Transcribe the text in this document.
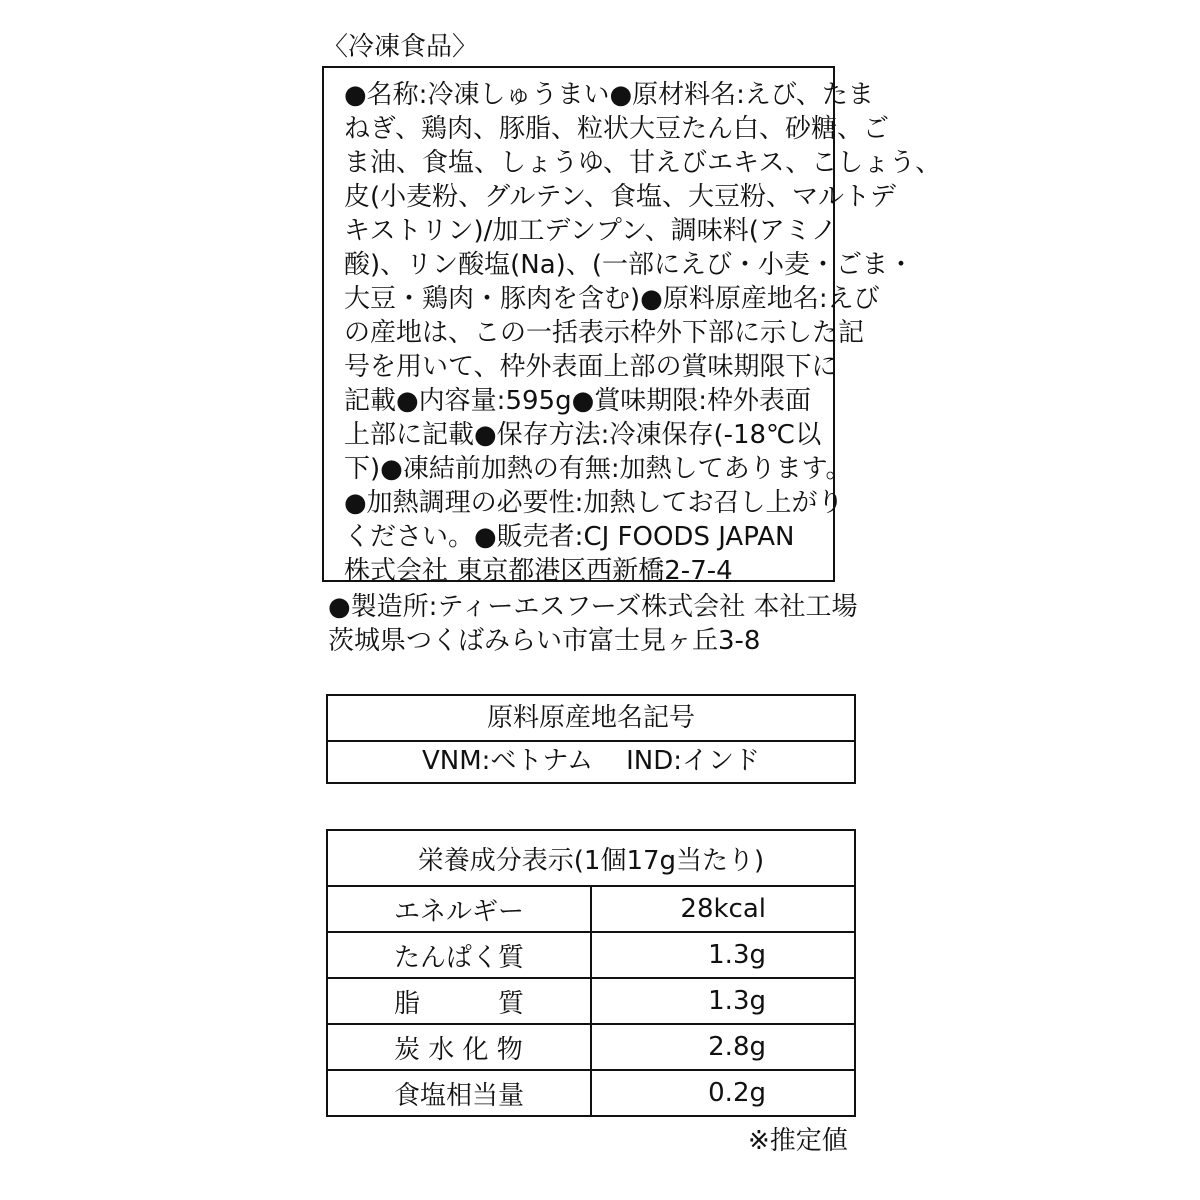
〈冷凍食品〉
●名称:冷凍しゅうまい●原材料名:えび、たま
ねぎ、鶏肉、豚脂、粒状大豆たん白、砂糖、ご
ま油、食塩、しょうゆ、甘えびエキス、こしょう、
皮(小麦粉、グルテン、食塩、大豆粉、マルトデ
キストリン)/加工デンプン、調味料(アミノ
酸)、リン酸塩(Na)、(一部にえび・小麦・ごま・
大豆・鶏肉・豚肉を含む)●原料原産地名:えび
の産地は、この一括表示枠外下部に示した記
号を用いて、枠外表面上部の賞味期限下に
記載●内容量:595g●賞味期限:枠外表面
上部に記載●保存方法:冷凍保存(-18℃以
下)●凍結前加熱の有無:加熱してあります。
●加熱調理の必要性:加熱してお召し上がり
ください。●販売者:CJ FOODS JAPAN
株式会社 東京都港区西新橋2-7-4
●製造所:ティーエスフーズ株式会社 本社工場
茨城県つくばみらい市富士見ヶ丘3-8
原料原産地名記号
VNM:ベトナム    IND:インド
栄養成分表示(1個17g当たり)	
エネルギー	28kcal
たんぱく質	1.3g
脂　　　質	1.3g
炭 水 化 物	2.8g
食塩相当量	0.2g
※推定値
